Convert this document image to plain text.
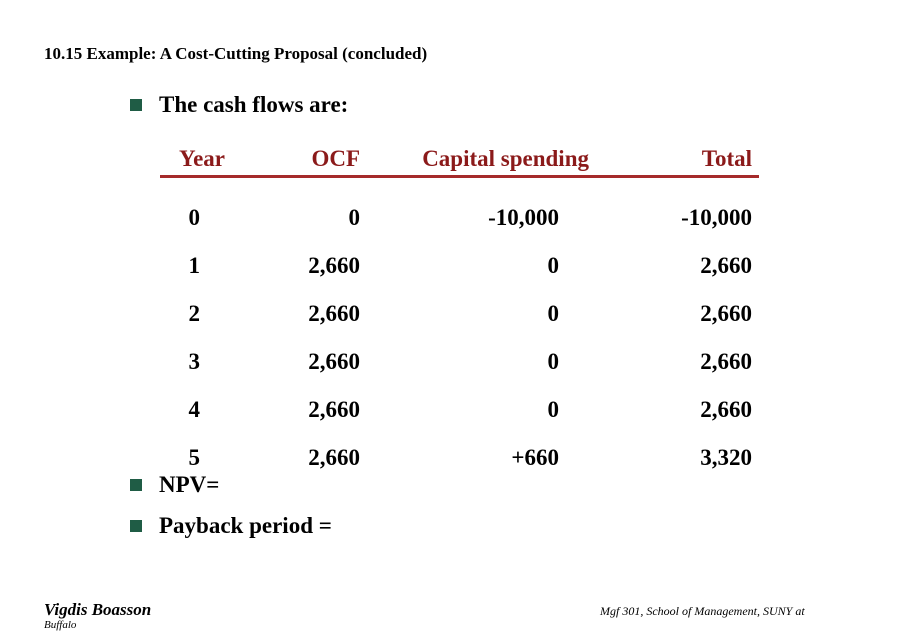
10.15 Example: A Cost-Cutting Proposal (concluded)
The cash flows are:
Year	OCF	Capital spending	Total
0	0	-10,000	-10,000
1	2,660	0	2,660
2	2,660	0	2,660
3	2,660	0	2,660
4	2,660	0	2,660
5	2,660	+660	3,320
NPV=
Payback period =
Vigdis Boasson
Buffalo
Mgf 301, School of Management, SUNY at
